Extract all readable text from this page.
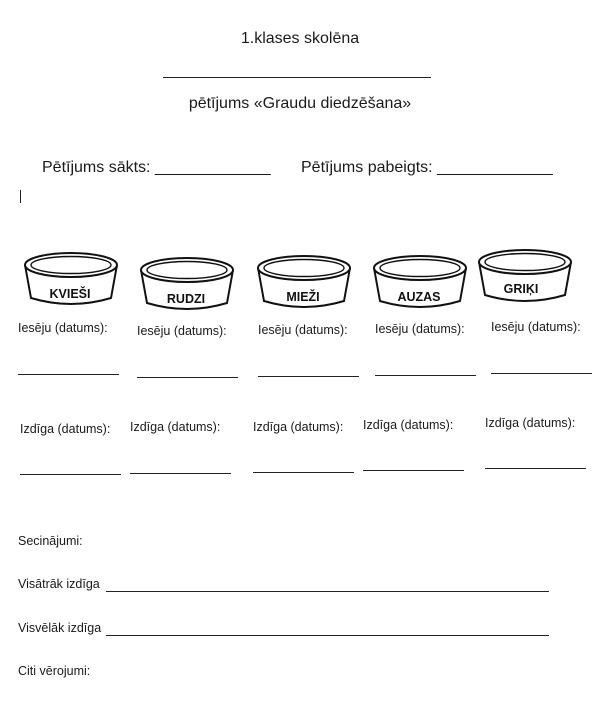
1.klases skolēna
pētījums «Graudu diedzēšana»
Pētījums sākts: _____________ Pētījums pabeigts: _____________
KVIEŠI
Iesēju (datums):
Izdīga (datums):
RUDZI
Iesēju (datums):
Izdīga (datums):
MIEŽI
Iesēju (datums):
Izdīga (datums):
AUZAS
Iesēju (datums):
Izdīga (datums):
GRIĶI
Iesēju (datums):
Izdīga (datums):
Secinājumi:
Visātrāk izdīga
Visvēlāk izdīga
Citi vērojumi:
